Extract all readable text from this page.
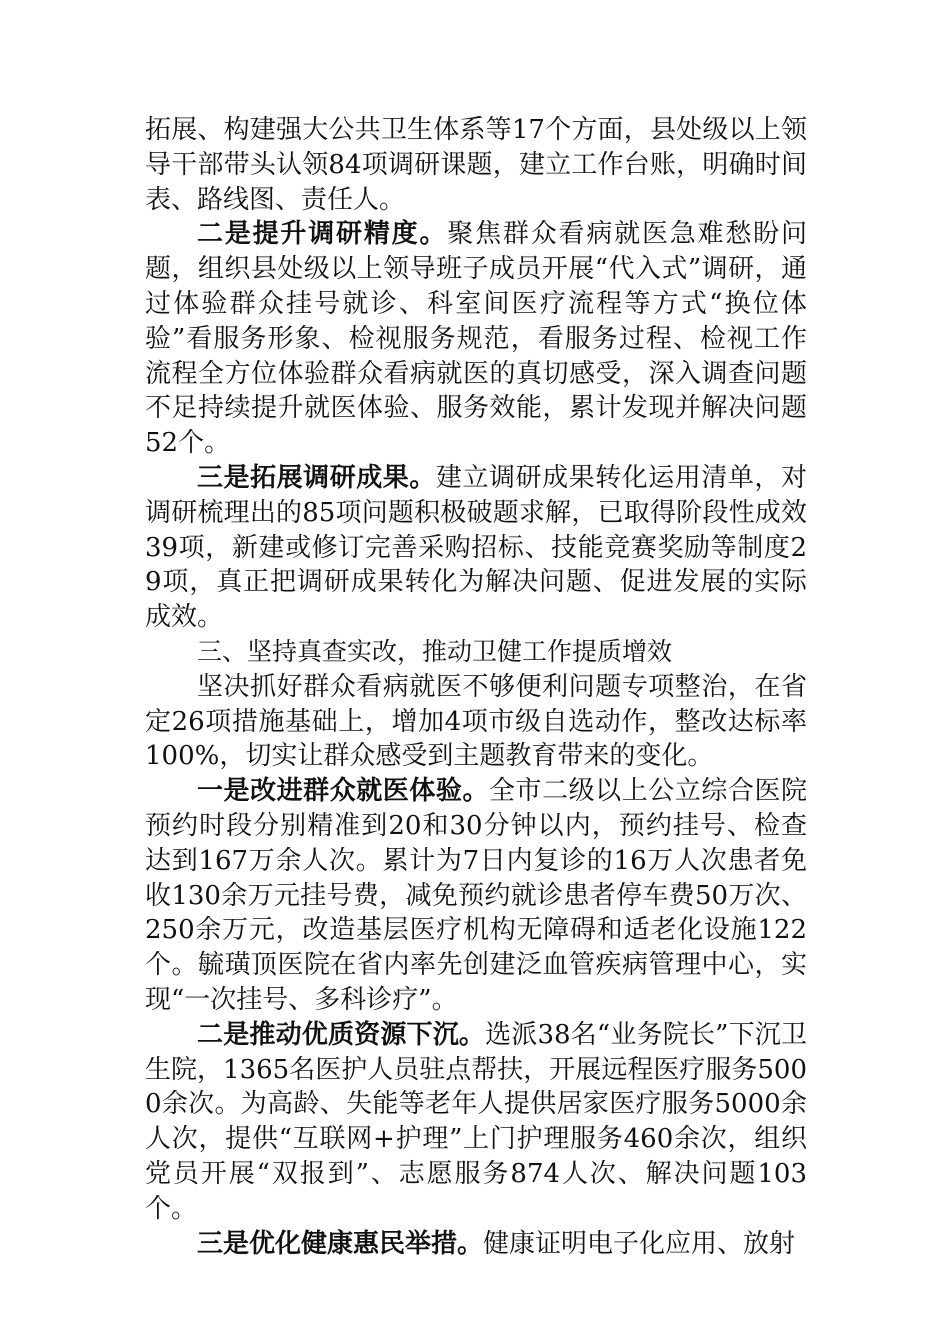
拓展、构建强大公共卫生体系等17个方面，县处级以上领导干部带头认领84项调研课题，建立工作台账，明确时间表、路线图、责任人。

二是提升调研精度。聚焦群众看病就医急难愁盼问题，组织县处级以上领导班子成员开展“代入式”调研，通过体验群众挂号就诊、科室间医疗流程等方式“换位体验”看服务形象、检视服务规范，看服务过程、检视工作流程全方位体验群众看病就医的真切感受，深入调查问题不足持续提升就医体验、服务效能，累计发现并解决问题52个。

三是拓展调研成果。建立调研成果转化运用清单，对调研梳理出的85项问题积极破题求解，已取得阶段性成效39项，新建或修订完善采购招标、技能竞赛奖励等制度29项，真正把调研成果转化为解决问题、促进发展的实际成效。

三、坚持真查实改，推动卫健工作提质增效

坚决抓好群众看病就医不够便利问题专项整治，在省定26项措施基础上，增加4项市级自选动作，整改达标率100%，切实让群众感受到主题教育带来的变化。

一是改进群众就医体验。全市二级以上公立综合医院预约时段分别精准到20和30分钟以内，预约挂号、检查达到167万余人次。累计为7日内复诊的16万人次患者免收130余万元挂号费，减免预约就诊患者停车费50万次、250余万元，改造基层医疗机构无障碍和适老化设施122个。毓璜顶医院在省内率先创建泛血管疾病管理中心，实现“一次挂号、多科诊疗”。

二是推动优质资源下沉。选派38名“业务院长”下沉卫生院，1365名医护人员驻点帮扶，开展远程医疗服务5000余次。为高龄、失能等老年人提供居家医疗服务5000余人次，提供“互联网+护理”上门护理服务460余次，组织党员开展“双报到”、志愿服务874人次、解决问题103个。

三是优化健康惠民举措。健康证明电子化应用、放射
